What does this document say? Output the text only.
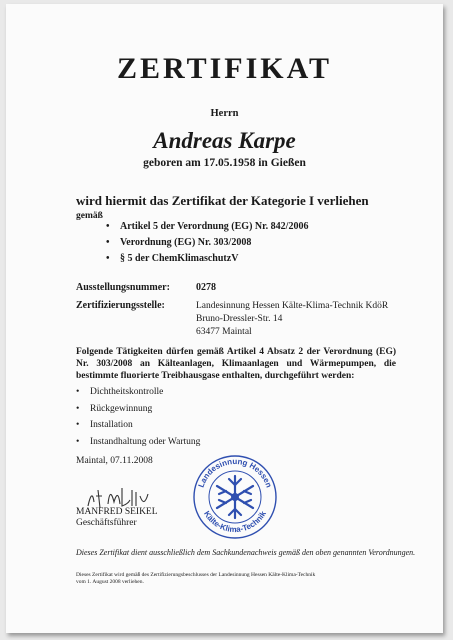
ZERTIFIKAT
Herrn
Andreas Karpe
geboren am 17.05.1958 in Gießen
wird hiermit das Zertifikat der Kategorie I verliehen
gemäß
• Artikel 5 der Verordnung (EG) Nr. 842/2006
• Verordnung (EG) Nr. 303/2008
• § 5 der ChemKlimaschutzV
Ausstellungsnummer:	0278
Zertifizierungsstelle:	Landesinnung Hessen Kälte-Klima-Technik KdöR
Bruno-Dressler-Str. 14
63477 Maintal
Folgende Tätigkeiten dürfen gemäß Artikel 4 Absatz 2 der Verordnung (EG) Nr. 303/2008 an Kälteanlagen, Klimaanlagen und Wärmepumpen, die bestimmte fluorierte Treibhausgase enthalten, durchgeführt werden:
• Dichtheitskontrolle
• Rückgewinnung
• Installation
• Instandhaltung oder Wartung
Maintal, 07.11.2008
MANFRED SEIKEL
Geschäftsführer
Landesinnung Hessen
Kälte-Klima-Technik
Dieses Zertifikat dient ausschließlich dem Sachkundenachweis gemäß den oben genannten Verordnungen.
Dieses Zertifikat wird gemäß des Zertifizierungsbeschlusses der Landesinnung Hessen Kälte-Klima-Technik
vom 1. August 2008 verliehen.
